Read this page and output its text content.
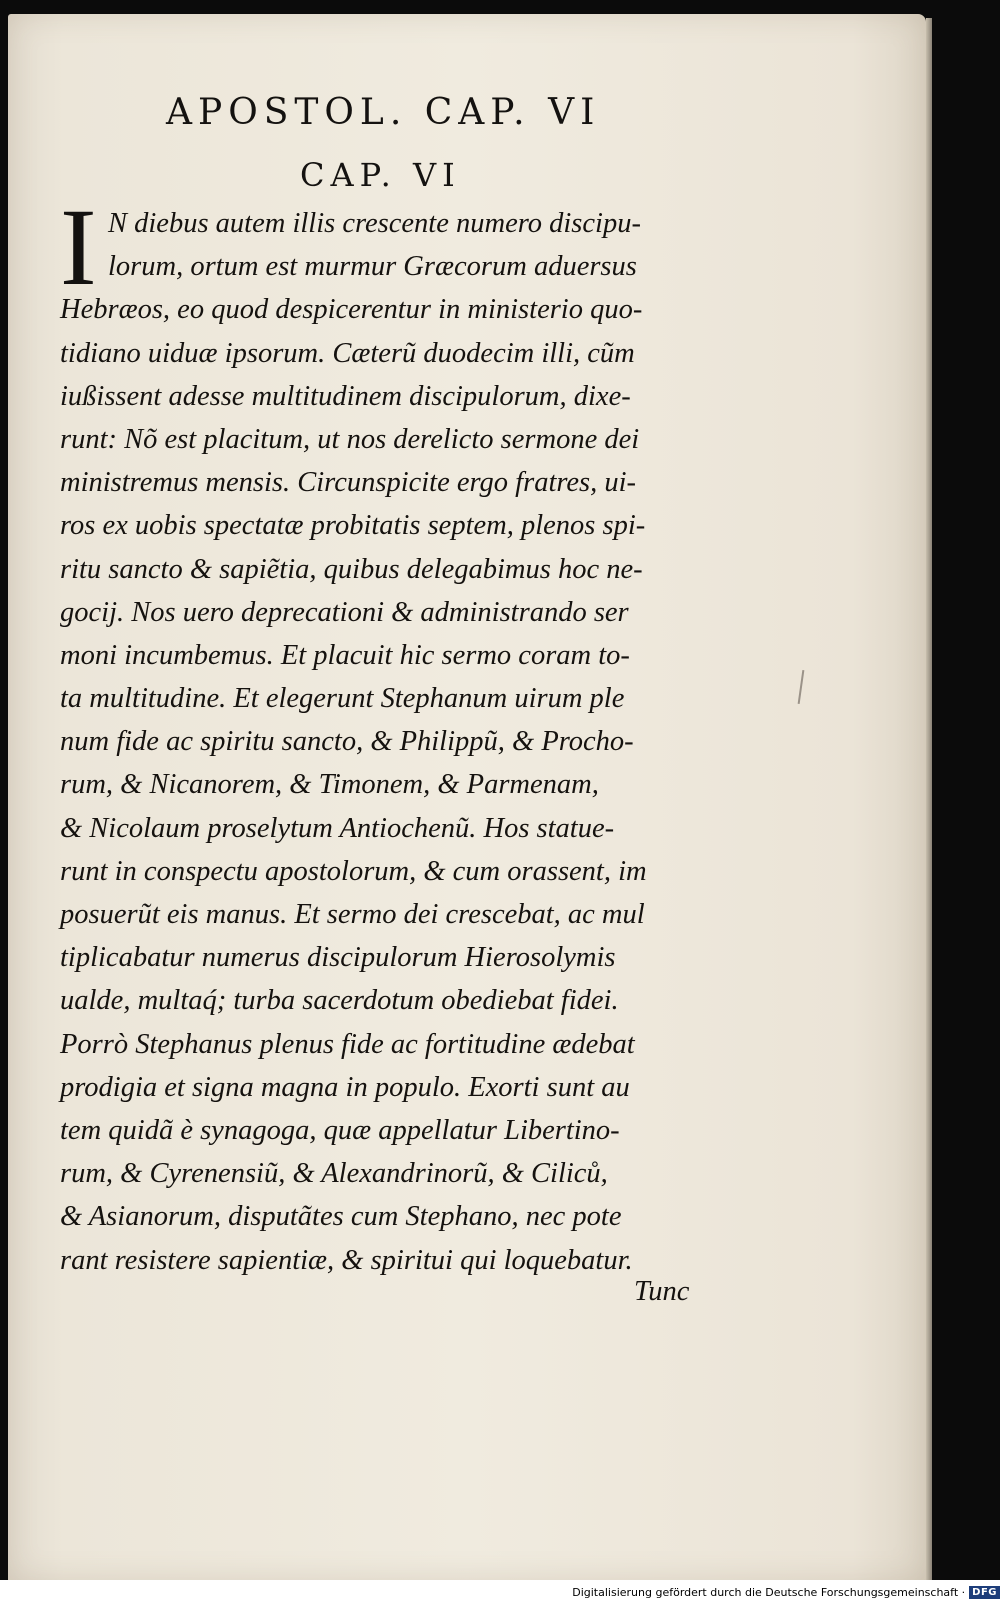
APOSTOL. CAP. VI
CAP. VI
I N diebus autem illis crescente numero discipu-
lorum, ortum est murmur Græcorum aduersus
Hebræos, eo quod despicerentur in ministerio quo-
tidiano uiduæ ipsorum. Cæterũ duodecim illi, cũm
iußissent adesse multitudinem discipulorum, dixe-
runt: Nõ est placitum, ut nos derelicto sermone dei
ministremus mensis. Circunspicite ergo fratres, ui-
ros ex uobis spectatæ probitatis septem, plenos spi-
ritu sancto & sapiẽtia, quibus delegabimus hoc ne-
gocij. Nos uero deprecationi & administrando ser
moni incumbemus. Et placuit hic sermo coram to-
ta multitudine. Et elegerunt Stephanum uirum ple
num fide ac spiritu sancto, & Philippũ, & Procho-
rum, & Nicanorem, & Timonem, & Parmenam,
& Nicolaum proselytum Antiochenũ. Hos statue-
runt in conspectu apostolorum, & cum orassent, im
posuerũt eis manus. Et sermo dei crescebat, ac mul
tiplicabatur numerus discipulorum Hierosolymis
ualde, multaq́; turba sacerdotum obediebat fidei.
Porrò Stephanus plenus fide ac fortitudine ædebat
prodigia et signa magna in populo. Exorti sunt au
tem quidã è synagoga, quæ appellatur Libertino-
rum, & Cyrenensiũ, & Alexandrinorũ, & Ciliců,
& Asianorum, disputãtes cum Stephano, nec pote
rant resistere sapientiæ, & spiritui qui loquebatur.
Tunc
Digitalisierung gefördert durch die Deutsche Forschungsgemeinschaft · DFG
